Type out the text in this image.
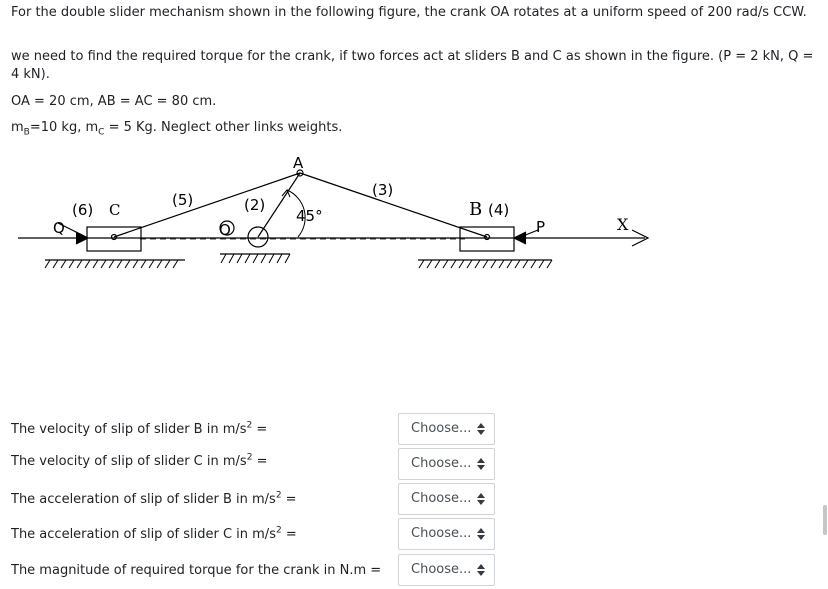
For the double slider mechanism shown in the following figure, the crank OA rotates at a uniform speed of 200 rad/s CCW.

we need to find the required torque for the crank, if two forces act at sliders B and C as shown in the figure. (P = 2 kN, Q = 4 kN).

OA = 20 cm, AB = AC = 80 cm.

$m_B=10$ kg, $m_C = 5$ Kg. Neglect other links weights.

A
(3)
(5)	(2)
(6) C	B (4)
45°
O
Q	P	X
The velocity of slip of slider B in $m/s^2$ =	Choose...
The velocity of slip of slider C in $m/s^2$ =	Choose...
The acceleration of slip of slider B in $m/s^2$ =	Choose...
The acceleration of slip of slider C in $m/s^2$ =	Choose...
The magnitude of required torque for the crank in N.m =	Choose...
